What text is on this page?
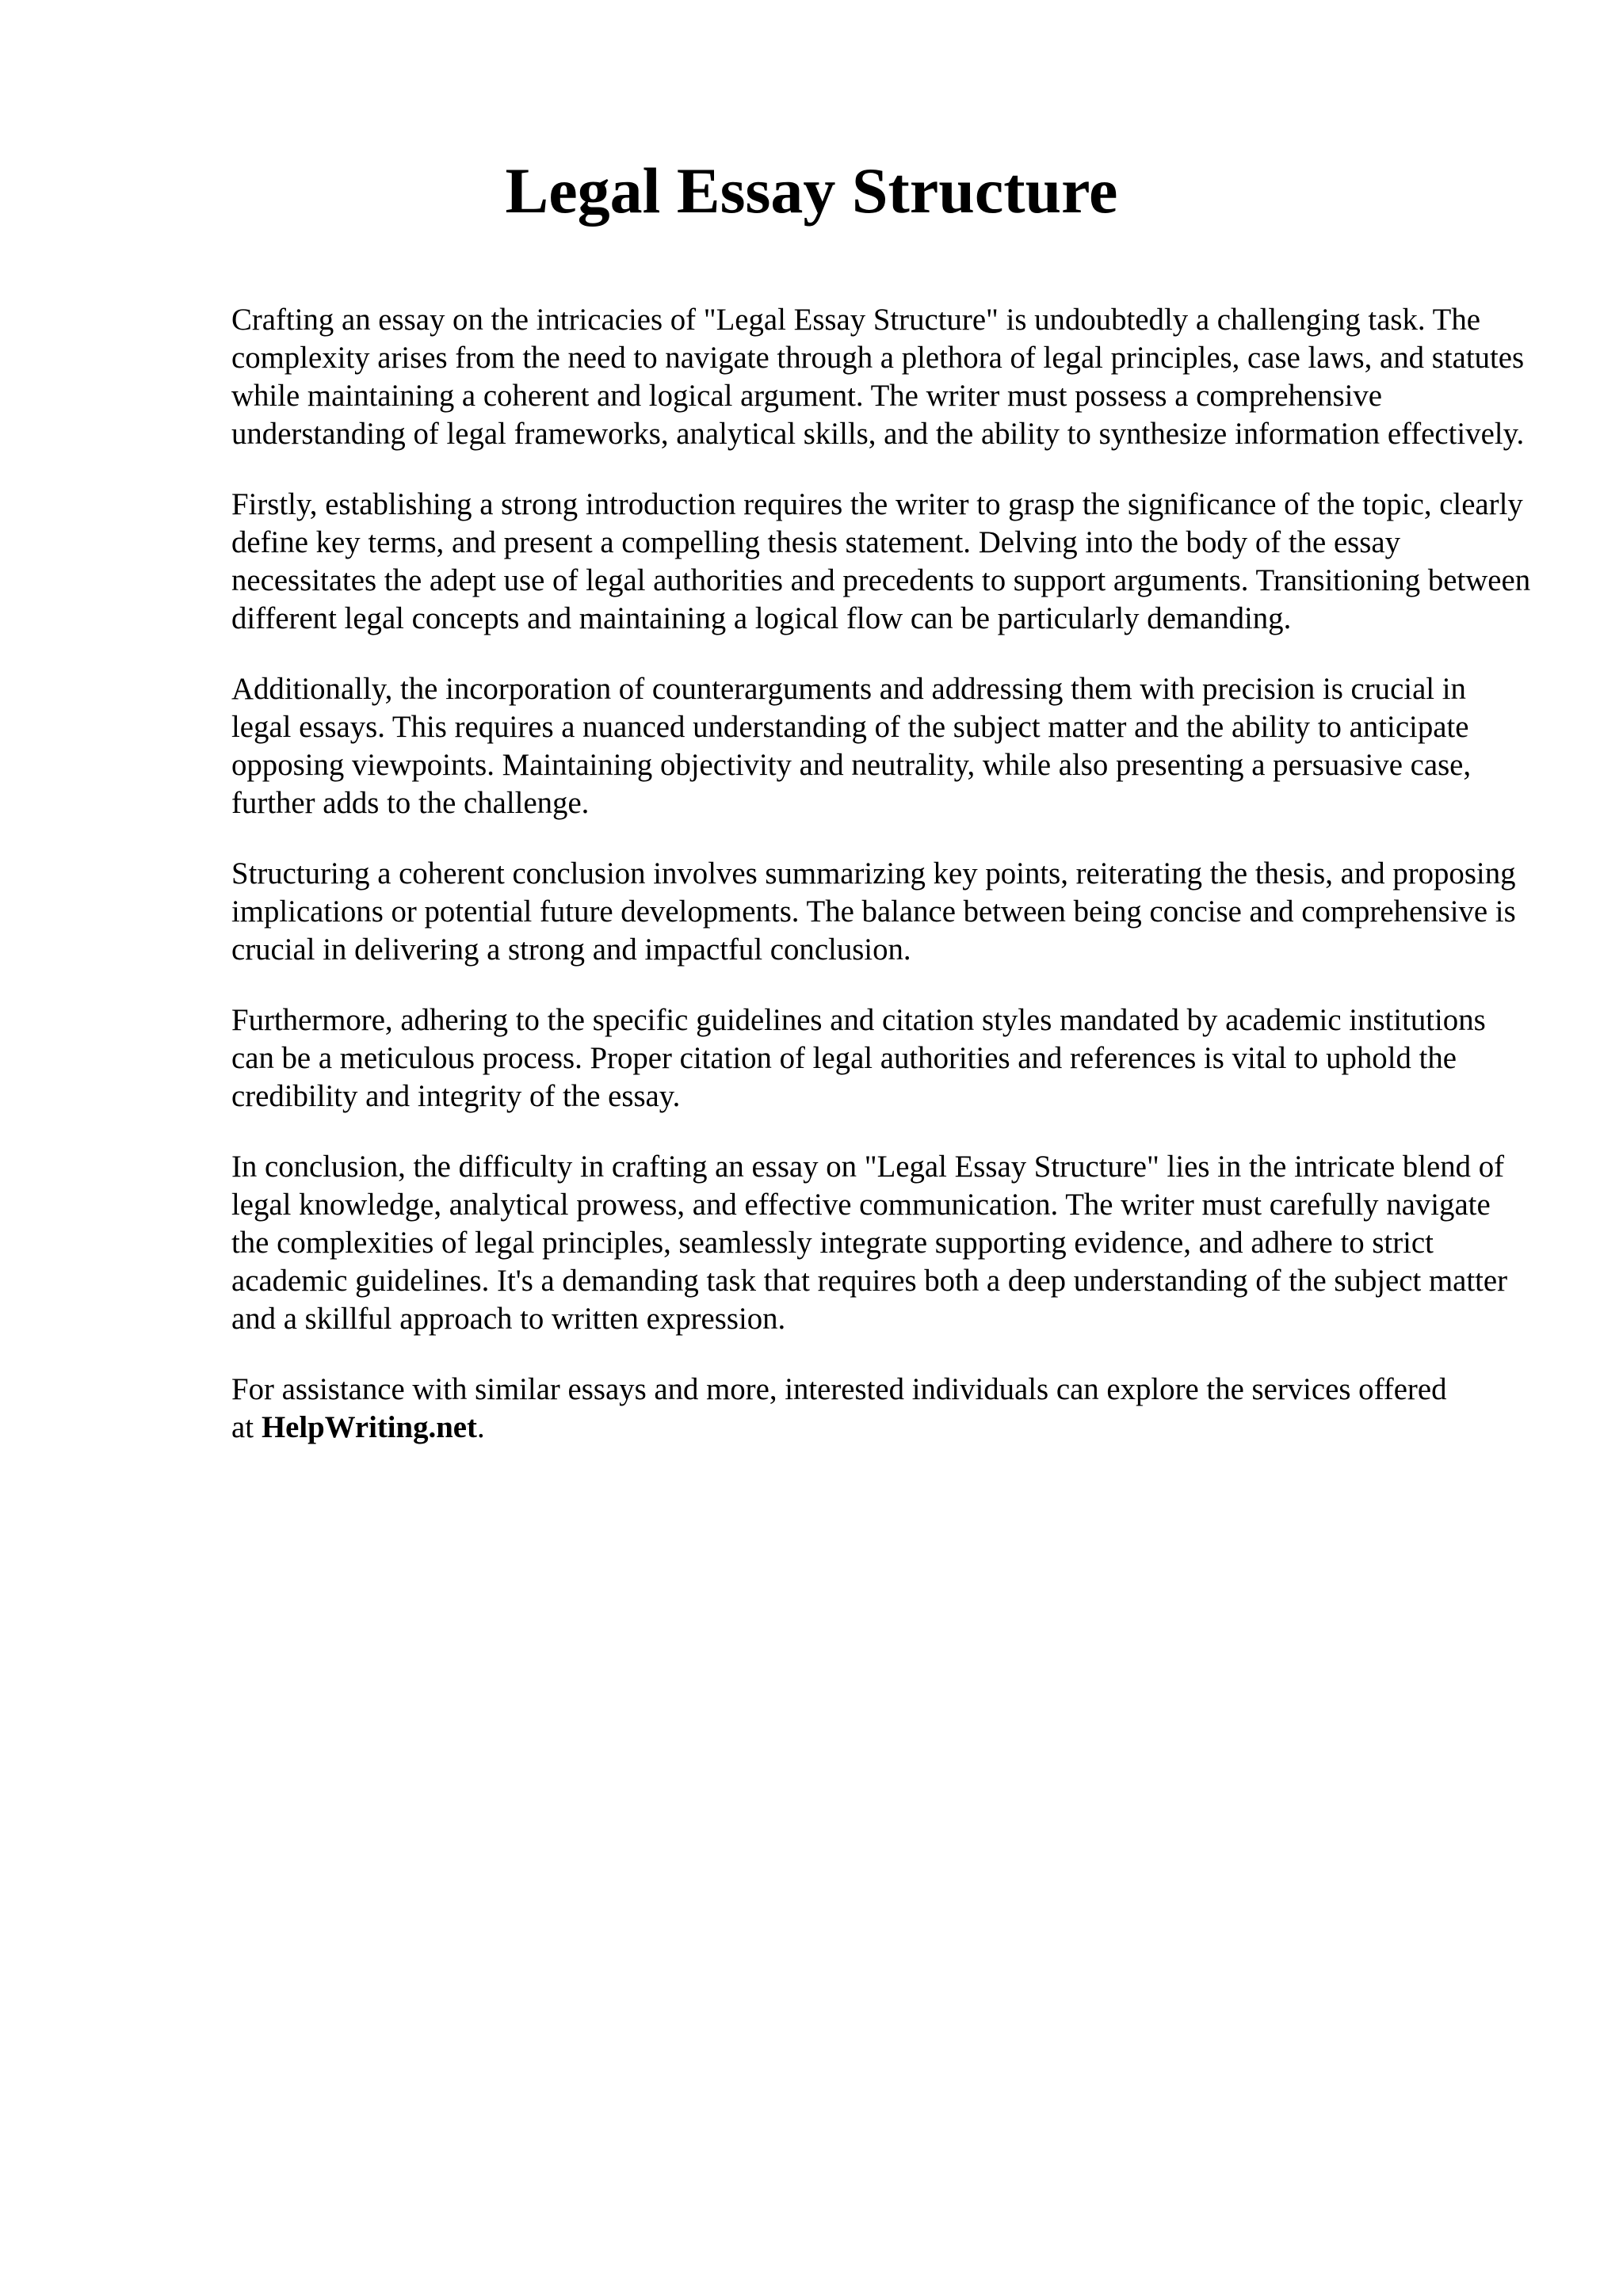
Legal Essay Structure

Crafting an essay on the intricacies of "Legal Essay Structure" is undoubtedly a challenging task. The complexity arises from the need to navigate through a plethora of legal principles, case laws, and statutes while maintaining a coherent and logical argument. The writer must possess a comprehensive understanding of legal frameworks, analytical skills, and the ability to synthesize information effectively.

Firstly, establishing a strong introduction requires the writer to grasp the significance of the topic, clearly define key terms, and present a compelling thesis statement. Delving into the body of the essay necessitates the adept use of legal authorities and precedents to support arguments. Transitioning between different legal concepts and maintaining a logical flow can be particularly demanding.

Additionally, the incorporation of counterarguments and addressing them with precision is crucial in legal essays. This requires a nuanced understanding of the subject matter and the ability to anticipate opposing viewpoints. Maintaining objectivity and neutrality, while also presenting a persuasive case, further adds to the challenge.

Structuring a coherent conclusion involves summarizing key points, reiterating the thesis, and proposing implications or potential future developments. The balance between being concise and comprehensive is crucial in delivering a strong and impactful conclusion.

Furthermore, adhering to the specific guidelines and citation styles mandated by academic institutions can be a meticulous process. Proper citation of legal authorities and references is vital to uphold the credibility and integrity of the essay.

In conclusion, the difficulty in crafting an essay on "Legal Essay Structure" lies in the intricate blend of legal knowledge, analytical prowess, and effective communication. The writer must carefully navigate the complexities of legal principles, seamlessly integrate supporting evidence, and adhere to strict academic guidelines. It's a demanding task that requires both a deep understanding of the subject matter and a skillful approach to written expression.

For assistance with similar essays and more, interested individuals can explore the services offered at HelpWriting.net.
